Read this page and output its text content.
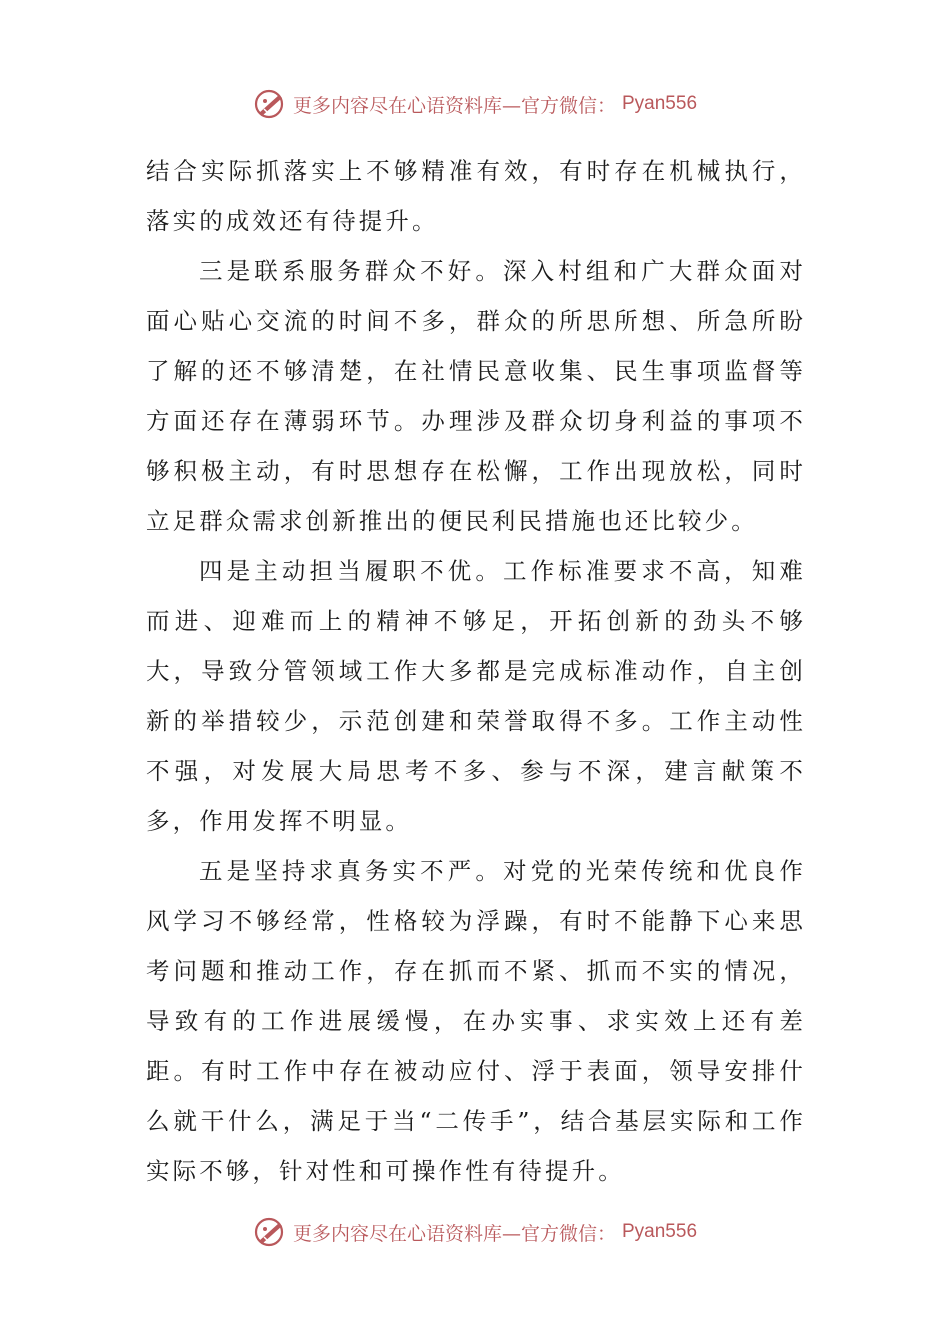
更多内容尽在心语资料库—官方微信： Pyan556

结合实际抓落实上不够精准有效，有时存在机械执行，落实的成效还有待提升。

三是联系服务群众不好。深入村组和广大群众面对面心贴心交流的时间不多，群众的所思所想、所急所盼了解的还不够清楚，在社情民意收集、民生事项监督等方面还存在薄弱环节。办理涉及群众切身利益的事项不够积极主动，有时思想存在松懈，工作出现放松，同时立足群众需求创新推出的便民利民措施也还比较少。

四是主动担当履职不优。工作标准要求不高，知难而进、迎难而上的精神不够足，开拓创新的劲头不够大，导致分管领域工作大多都是完成标准动作，自主创新的举措较少，示范创建和荣誉取得不多。工作主动性不强，对发展大局思考不多、参与不深，建言献策不多，作用发挥不明显。

五是坚持求真务实不严。对党的光荣传统和优良作风学习不够经常，性格较为浮躁，有时不能静下心来思考问题和推动工作，存在抓而不紧、抓而不实的情况，导致有的工作进展缓慢，在办实事、求实效上还有差距。有时工作中存在被动应付、浮于表面，领导安排什么就干什么，满足于当“二传手”，结合基层实际和工作实际不够，针对性和可操作性有待提升。

更多内容尽在心语资料库—官方微信： Pyan556
